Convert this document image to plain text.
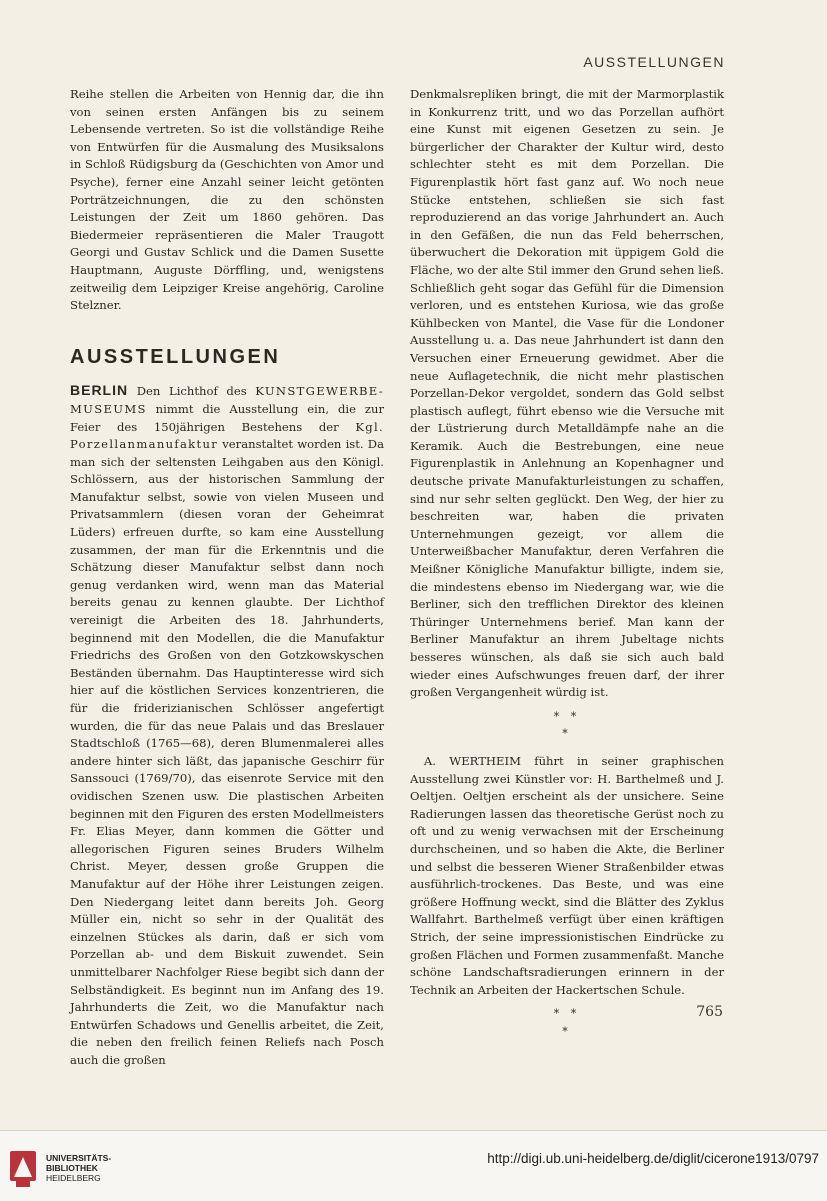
AUSSTELLUNGEN

Reihe stellen die Arbeiten von Hennig dar, die ihn von seinen ersten Anfängen bis zu seinem Lebensende vertreten. So ist die vollständige Reihe von Entwürfen für die Ausmalung des Musiksalons in Schloß Rüdigsburg da (Geschichten von Amor und Psyche), ferner eine Anzahl seiner leicht getönten Porträtzeichnungen, die zu den schönsten Leistungen der Zeit um 1860 gehören. Das Biedermeier repräsentieren die Maler Traugott Georgi und Gustav Schlick und die Damen Susette Hauptmann, Auguste Dörffling, und, wenigstens zeitweilig dem Leipziger Kreise angehörig, Caroline Stelzner.

AUSSTELLUNGEN

BERLIN Den Lichthof des KUNSTGEWERBE-MUSEUMS nimmt die Ausstellung ein, die zur Feier des 150jährigen Bestehens der Kgl. Porzellanmanufaktur veranstaltet worden ist. Da man sich der seltensten Leihgaben aus den Königl. Schlössern, aus der historischen Sammlung der Manufaktur selbst, sowie von vielen Museen und Privatsammlern (diesen voran der Geheimrat Lüders) erfreuen durfte, so kam eine Ausstellung zusammen, der man für die Erkenntnis und die Schätzung dieser Manufaktur selbst dann noch genug verdanken wird, wenn man das Material bereits genau zu kennen glaubte. Der Lichthof vereinigt die Arbeiten des 18. Jahrhunderts, beginnend mit den Modellen, die die Manufaktur Friedrichs des Großen von den Gotzkowskyschen Beständen übernahm. Das Hauptinteresse wird sich hier auf die köstlichen Services konzentrieren, die für die friderizianischen Schlösser angefertigt wurden, die für das neue Palais und das Breslauer Stadtschloß (1765—68), deren Blumenmalerei alles andere hinter sich läßt, das japanische Geschirr für Sanssouci (1769/70), das eisenrote Service mit den ovidischen Szenen usw. Die plastischen Arbeiten beginnen mit den Figuren des ersten Modellmeisters Fr. Elias Meyer, dann kommen die Götter und allegorischen Figuren seines Bruders Wilhelm Christ. Meyer, dessen große Gruppen die Manufaktur auf der Höhe ihrer Leistungen zeigen. Den Niedergang leitet dann bereits Joh. Georg Müller ein, nicht so sehr in der Qualität des einzelnen Stückes als darin, daß er sich vom Porzellan ab- und dem Biskuit zuwendet. Sein unmittelbarer Nachfolger Riese begibt sich dann der Selbständigkeit. Es beginnt nun im Anfang des 19. Jahrhunderts die Zeit, wo die Manufaktur nach Entwürfen Schadows und Genellis arbeitet, die Zeit, die neben den freilich feinen Reliefs nach Posch auch die großen

Denkmalsrepliken bringt, die mit der Marmorplastik in Konkurrenz tritt, und wo das Porzellan aufhört eine Kunst mit eigenen Gesetzen zu sein. Je bürgerlicher der Charakter der Kultur wird, desto schlechter steht es mit dem Porzellan. Die Figurenplastik hört fast ganz auf. Wo noch neue Stücke entstehen, schließen sie sich fast reproduzierend an das vorige Jahrhundert an. Auch in den Gefäßen, die nun das Feld beherrschen, überwuchert die Dekoration mit üppigem Gold die Fläche, wo der alte Stil immer den Grund sehen ließ. Schließlich geht sogar das Gefühl für die Dimension verloren, und es entstehen Kuriosa, wie das große Kühlbecken von Mantel, die Vase für die Londoner Ausstellung u. a. Das neue Jahrhundert ist dann den Versuchen einer Erneuerung gewidmet. Aber die neue Auflagetechnik, die nicht mehr plastischen Porzellan-Dekor vergoldet, sondern das Gold selbst plastisch auflegt, führt ebenso wie die Versuche mit der Lüstrierung durch Metalldämpfe nahe an die Keramik. Auch die Bestrebungen, eine neue Figurenplastik in Anlehnung an Kopenhagner und deutsche private Manufakturleistungen zu schaffen, sind nur sehr selten geglückt. Den Weg, der hier zu beschreiten war, haben die privaten Unternehmungen gezeigt, vor allem die Unterweißbacher Manufaktur, deren Verfahren die Meißner Königliche Manufaktur billigte, indem sie, die mindestens ebenso im Niedergang war, wie die Berliner, sich den trefflichen Direktor des kleinen Thüringer Unternehmens berief. Man kann der Berliner Manufaktur an ihrem Jubeltage nichts besseres wünschen, als daß sie sich auch bald wieder eines Aufschwunges freuen darf, der ihrer großen Vergangenheit würdig ist.

* *
*

A. WERTHEIM führt in seiner graphischen Ausstellung zwei Künstler vor: H. Barthelmeß und J. Oeltjen. Oeltjen erscheint als der unsichere. Seine Radierungen lassen das theoretische Gerüst noch zu oft und zu wenig verwachsen mit der Erscheinung durchscheinen, und so haben die Akte, die Berliner und selbst die besseren Wiener Straßenbilder etwas ausführlich-trockenes. Das Beste, und was eine größere Hoffnung weckt, sind die Blätter des Zyklus Wallfahrt. Barthelmeß verfügt über einen kräftigen Strich, der seine impressionistischen Eindrücke zu großen Flächen und Formen zusammenfaßt. Manche schöne Landschaftsradierungen erinnern in der Technik an Arbeiten der Hackertschen Schule.

* *
*
765
UNIVERSITÄTS-
BIBLIOTHEK
HEIDELBERG
http://digi.ub.uni-heidelberg.de/diglit/cicerone1913/0797
